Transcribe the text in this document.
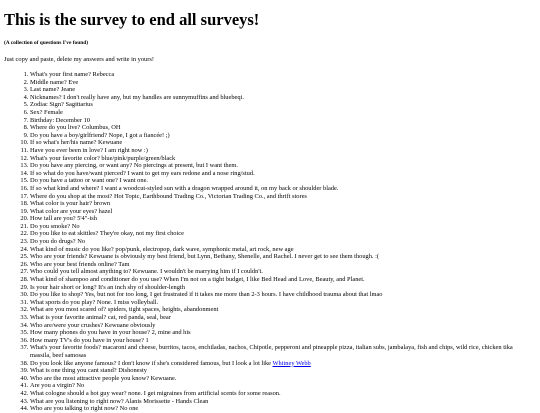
This is the survey to end all surveys!
(A collection of questions I've found)

Just copy and paste, delete my answers and write in yours!

1. What's your first name? Rebecca
2. Middle name? Eve
3. Last name? Jeane
4. Nicknames? I don't really have any, but my handles are sunnymuffins and bluebeqi.
5. Zodiac Sign? Sagittarius
6. Sex? Female
7. Birthday: December 10
8. Where do you live? Columbus, OH
9. Do you have a boy/girlfriend? Nope, I got a fiancée! ;)
10. If so what's her/his name? Kewuane
11. Have you ever been in love? I am right now :)
12. What's your favorite color? blue/pink/purple/green/black
13. Do you have any piercing, or want any? No piercings at present, but I want them.
14. If so what do you have/want pierced? I want to get my ears redone and a nose ring/stud.
15. Do you have a tattoo or want one? I want one.
16. If so what kind and where? I want a woodcut-styled sun with a dragon wrapped around it, on my back or shoulder blade.
17. Where do you shop at the most? Hot Topic, Earthbound Trading Co., Victorian Trading Co., and thrift stores
18. What color is your hair? brown
19. What color are your eyes? hazel
20. How tall are you? 5'4"-ish
21. Do you smoke? No
22. Do you like to eat skittles? They're okay, not my first choice
23. Do you do drugs? No
24. What kind of music do you like? pop/punk, electropop, dark wave, symphonic metal, art rock, new age
25. Who are your friends? Kewuane is obviously my best friend, but Lynn, Bethany, Shenelle, and Rachel. I never get to see them though. :(
26. Who are your best friends online? Tam
27. Who could you tell almost anything to? Kewuane. I wouldn't be marrying him if I couldn't.
28. What kind of shampoo and conditioner do you use? When I'm not on a tight budget, I like Bed Head and Love, Beauty, and Planet.
29. Is your hair short or long? It's an inch shy of shoulder-length
30. Do you like to shop? Yes, but not for too long, I get frustrated if it takes me more than 2-3 hours. I have childhood trauma about that lmao
31. What sports do you play? None. I miss volleyball.
32. What are you most scared of? spiders, tight spaces, heights, abandonment
33. What is your favorite animal? cat, red panda, seal, bear
34. Who are/were your crushes? Kewuane obviously
35. How many phones do you have in your house? 2, mine and his
36. How many TV's do you have in your house? 1
37. What's your favorite foods? macaroni and cheese, burritos, tacos, enchiladas, nachos, Chipotle, pepperoni and pineapple pizza, italian subs, jambalaya, fish and chips, wild rice, chicken tika massila, beef samosas
38. Do you look like anyone famous? I don't know if she's considered famous, but I look a lot like Whitney Webb
39. What is one thing you cant stand? Dishonesty
40. Who are the most attractive people you know? Kewuane.
41. Are you a virgin? No
42. What cologne should a hot guy wear? none. I get migraines from artificial scents for some reason.
43. What are you listening to right now? Alanis Morissette - Hands Clean
44. Who are you talking to right now? No one
